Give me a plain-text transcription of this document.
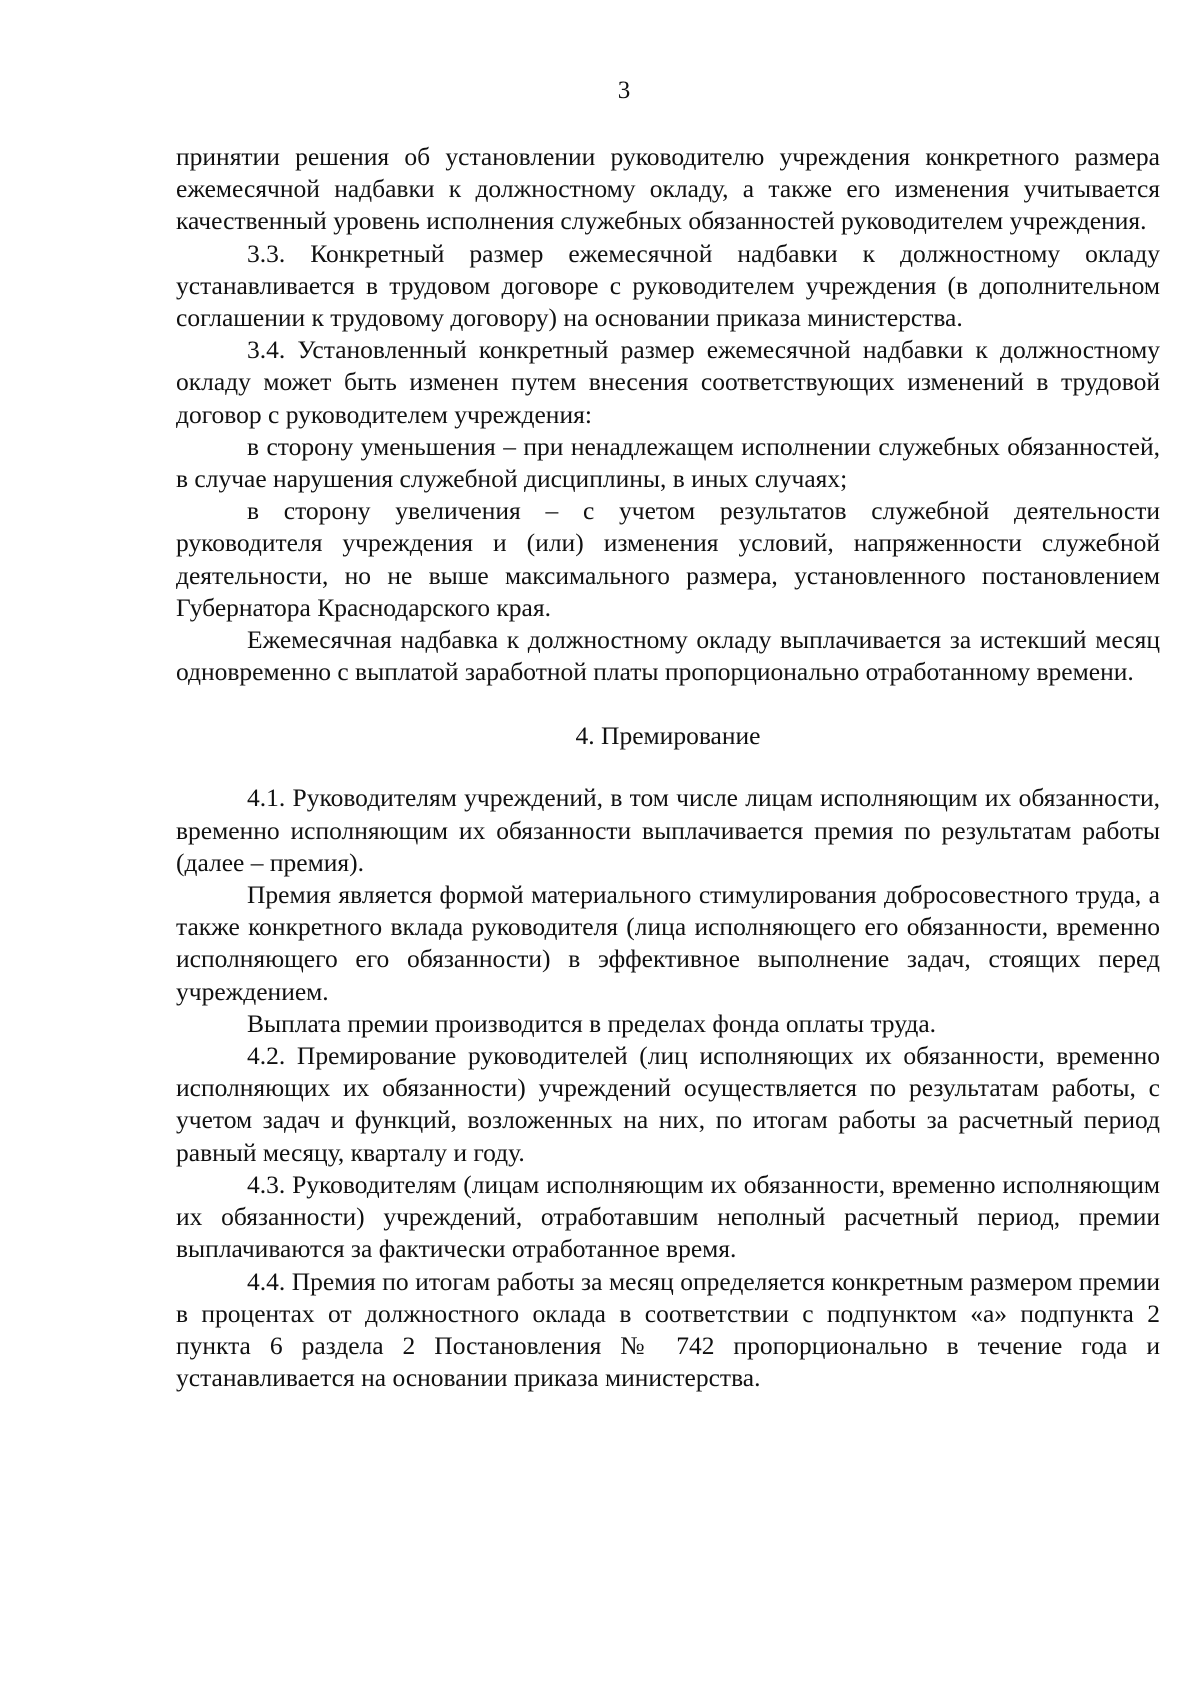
3

принятии решения об установлении руководителю учреждения конкретного размера ежемесячной надбавки к должностному окладу, а также его изменения учитывается качественный уровень исполнения служебных обязанностей руководителем учреждения.

3.3. Конкретный размер ежемесячной надбавки к должностному окладу устанавливается в трудовом договоре с руководителем учреждения (в дополнительном соглашении к трудовому договору) на основании приказа министерства.

3.4. Установленный конкретный размер ежемесячной надбавки к должностному окладу может быть изменен путем внесения соответствующих изменений в трудовой договор с руководителем учреждения:

в сторону уменьшения – при ненадлежащем исполнении служебных обязанностей, в случае нарушения служебной дисциплины, в иных случаях;

в сторону увеличения – с учетом результатов служебной деятельности руководителя учреждения и (или) изменения условий, напряженности служебной деятельности, но не выше максимального размера, установленного постановлением Губернатора Краснодарского края.

Ежемесячная надбавка к должностному окладу выплачивается за истекший месяц одновременно с выплатой заработной платы пропорционально отработанному времени.

4. Премирование

4.1. Руководителям учреждений, в том числе лицам исполняющим их обязанности, временно исполняющим их обязанности выплачивается премия по результатам работы (далее – премия).

Премия является формой материального стимулирования добросовестного труда, а также конкретного вклада руководителя (лица исполняющего его обязанности, временно исполняющего его обязанности) в эффективное выполнение задач, стоящих перед учреждением.

Выплата премии производится в пределах фонда оплаты труда.

4.2. Премирование руководителей (лиц исполняющих их обязанности, временно исполняющих их обязанности) учреждений осуществляется по результатам работы, с учетом задач и функций, возложенных на них, по итогам работы за расчетный период равный месяцу, кварталу и году.

4.3. Руководителям (лицам исполняющим их обязанности, временно исполняющим их обязанности) учреждений, отработавшим неполный расчетный период, премии выплачиваются за фактически отработанное время.

4.4. Премия по итогам работы за месяц определяется конкретным размером премии в процентах от должностного оклада в соответствии с подпунктом «а» подпункта 2 пункта 6 раздела 2 Постановления № 742 пропорционально в течение года и устанавливается на основании приказа министерства.
